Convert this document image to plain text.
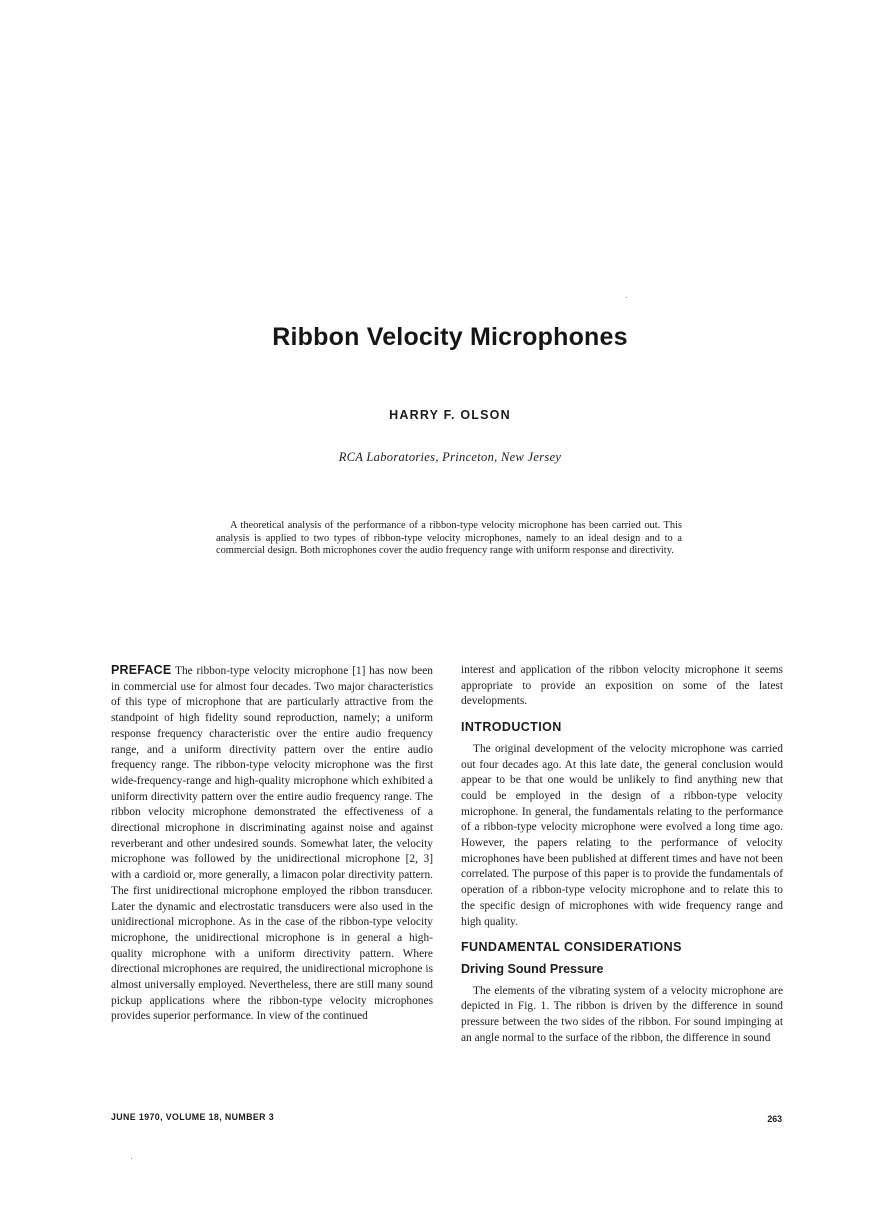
Ribbon Velocity Microphones
HARRY F. OLSON
RCA Laboratories, Princeton, New Jersey

A theoretical analysis of the performance of a ribbon-type velocity microphone has been carried out. This analysis is applied to two types of ribbon-type velocity microphones, namely to an ideal design and to a commercial design. Both microphones cover the audio frequency range with uniform response and directivity.

PREFACE The ribbon-type velocity microphone [1] has now been in commercial use for almost four decades. Two major characteristics of this type of microphone that are particularly attractive from the standpoint of high fidelity sound reproduction, namely; a uniform response frequency characteristic over the entire audio frequency range, and a uniform directivity pattern over the entire audio frequency range. The ribbon-type velocity microphone was the first wide-frequency-range and high-quality microphone which exhibited a uniform directivity pattern over the entire audio frequency range. The ribbon velocity microphone demonstrated the effectiveness of a directional microphone in discriminating against noise and against reverberant and other undesired sounds. Somewhat later, the velocity microphone was followed by the unidirectional microphone [2, 3] with a cardioid or, more generally, a limacon polar directivity pattern. The first unidirectional microphone employed the ribbon transducer. Later the dynamic and electrostatic transducers were also used in the unidirectional microphone. As in the case of the ribbon-type velocity microphone, the unidirectional microphone is in general a high-quality microphone with a uniform directivity pattern. Where directional microphones are required, the unidirectional microphone is almost universally employed. Nevertheless, there are still many sound pickup applications where the ribbon-type velocity microphones provides superior performance. In view of the continued

interest and application of the ribbon velocity microphone it seems appropriate to provide an exposition on some of the latest developments.

INTRODUCTION

The original development of the velocity microphone was carried out four decades ago. At this late date, the general conclusion would appear to be that one would be unlikely to find anything new that could be employed in the design of a ribbon-type velocity microphone. In general, the fundamentals relating to the performance of a ribbon-type velocity microphone were evolved a long time ago. However, the papers relating to the performance of velocity microphones have been published at different times and have not been correlated. The purpose of this paper is to provide the fundamentals of operation of a ribbon-type velocity microphone and to relate this to the specific design of microphones with wide frequency range and high quality.

FUNDAMENTAL CONSIDERATIONS
Driving Sound Pressure

The elements of the vibrating system of a velocity microphone are depicted in Fig. 1. The ribbon is driven by the difference in sound pressure between the two sides of the ribbon. For sound impinging at an angle normal to the surface of the ribbon, the difference in sound

JUNE 1970, VOLUME 18, NUMBER 3	263
